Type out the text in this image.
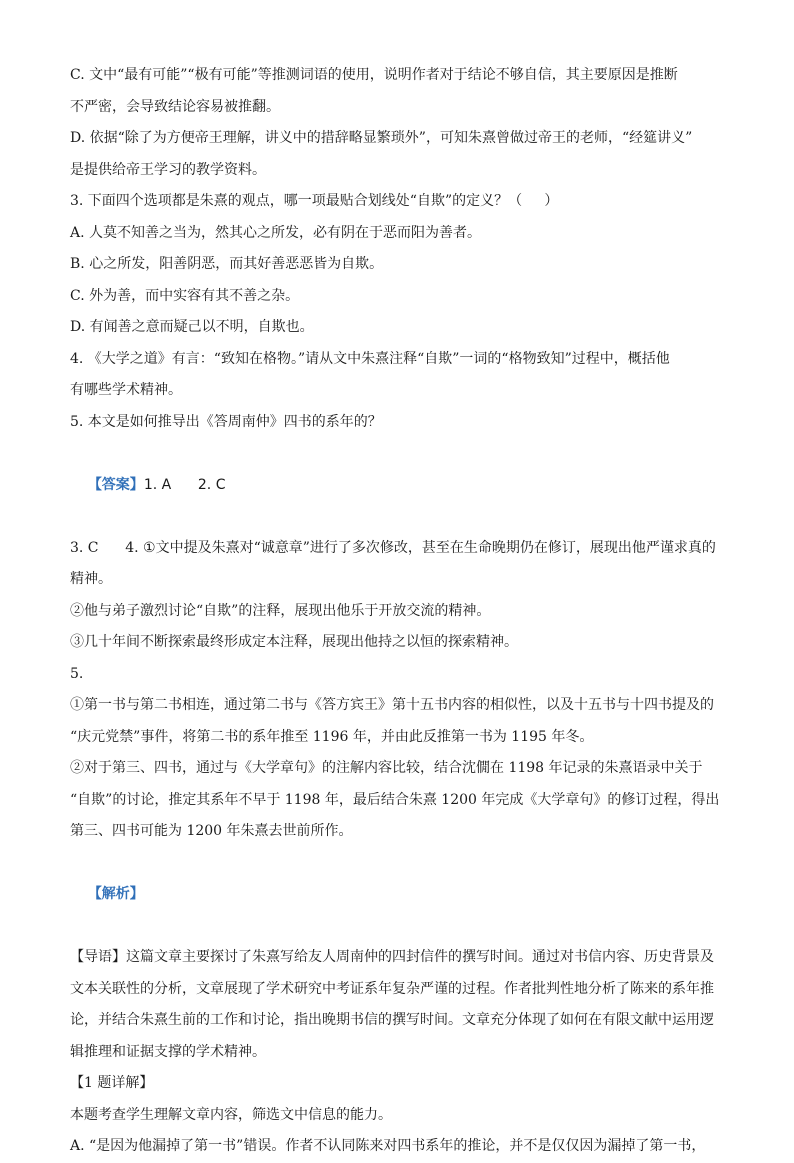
C. 文中“最有可能”“极有可能”等推测词语的使用，说明作者对于结论不够自信，其主要原因是推断

不严密，会导致结论容易被推翻。

D. 依据“除了为方便帝王理解，讲义中的措辞略显繁琐外”，可知朱熹曾做过帝王的老师，“经筵讲义”

是提供给帝王学习的教学资料。

3. 下面四个选项都是朱熹的观点，哪一项最贴合划线处“自欺”的定义？（     ）

A. 人莫不知善之当为，然其心之所发，必有阴在于恶而阳为善者。

B. 心之所发，阳善阴恶，而其好善恶恶皆为自欺。

C. 外为善，而中实容有其不善之杂。

D. 有闻善之意而疑己以不明，自欺也。

4. 《大学之道》有言：“致知在格物。”请从文中朱熹注释“自欺”一词的“格物致知”过程中，概括他

有哪些学术精神。

5. 本文是如何推导出《答周南仲》四书的系年的？

【答案】1. A      2. C

3. C      4. ①文中提及朱熹对“诚意章”进行了多次修改，甚至在生命晚期仍在修订，展现出他严谨求真的

精神。

②他与弟子激烈讨论“自欺”的注释，展现出他乐于开放交流的精神。

③几十年间不断探索最终形成定本注释，展现出他持之以恒的探索精神。

5.

①第一书与第二书相连，通过第二书与《答方宾王》第十五书内容的相似性，以及十五书与十四书提及的

“庆元党禁”事件，将第二书的系年推至 1196 年，并由此反推第一书为 1195 年冬。

②对于第三、四书，通过与《大学章句》的注解内容比较，结合沈僩在 1198 年记录的朱熹语录中关于

“自欺”的讨论，推定其系年不早于 1198 年，最后结合朱熹 1200 年完成《大学章句》的修订过程，得出

第三、四书可能为 1200 年朱熹去世前所作。

【解析】

【导语】这篇文章主要探讨了朱熹写给友人周南仲的四封信件的撰写时间。通过对书信内容、历史背景及

文本关联性的分析，文章展现了学术研究中考证系年复杂严谨的过程。作者批判性地分析了陈来的系年推

论，并结合朱熹生前的工作和讨论，指出晚期书信的撰写时间。文章充分体现了如何在有限文献中运用逻

辑推理和证据支撑的学术精神。

【1 题详解】

本题考查学生理解文章内容，筛选文中信息的能力。

A. “是因为他漏掉了第一书”错误。作者不认同陈来对四书系年的推论，并不是仅仅因为漏掉了第一书，
